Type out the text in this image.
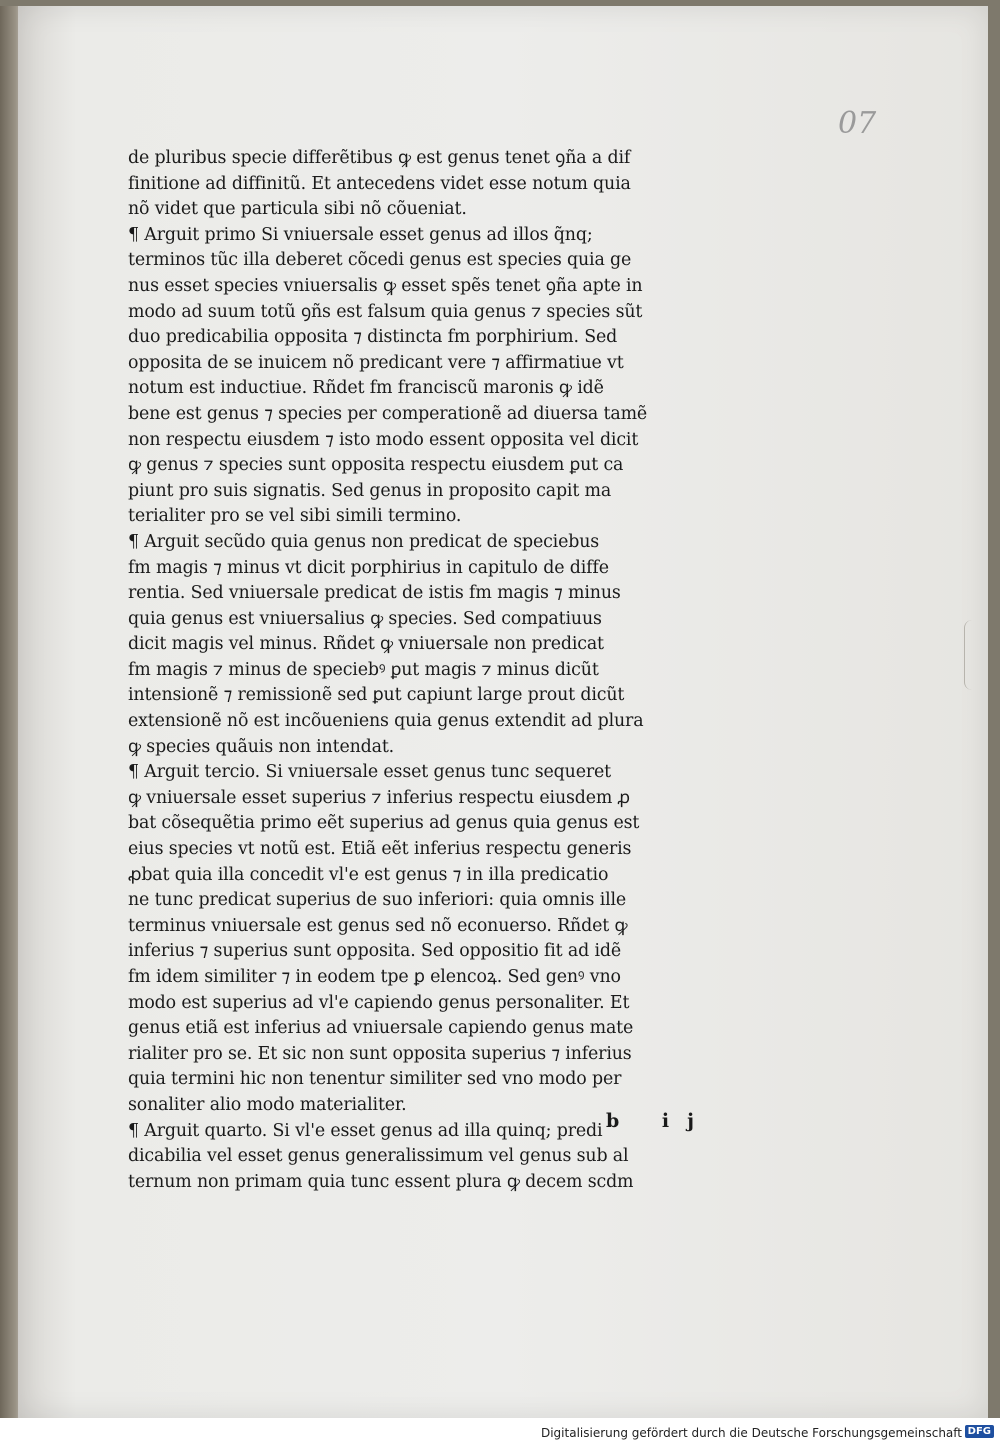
07
de pluribus specie differẽtibus ꝙ est genus tenet ꝯña a dif
finitione ad diffinitũ. Et antecedens videt esse notum quia
nõ videt que particula sibi nõ cõueniat.
¶ Arguit primo Si vniuersale esset genus ad illos q̃nq;
terminos tũc illa deberet cõcedi genus est species quia ge
nus esset species vniuersalis ꝙ esset spẽs tenet ꝯña apte in
modo ad suum totũ ꝯñs est falsum quia genus ⁊ species sũt
duo predicabilia opposita ⁊ distincta fm porphirium. Sed
opposita de se inuicem nõ predicant vere ⁊ affirmatiue vt
notum est inductiue. Rñdet fm franciscũ maronis ꝙ idẽ
bene est genus ⁊ species per comperationẽ ad diuersa tamẽ
non respectu eiusdem ⁊ isto modo essent opposita vel dicit
ꝙ genus ⁊ species sunt opposita respectu eiusdem ꝑut ca
piunt pro suis signatis. Sed genus in proposito capit ma
terialiter pro se vel sibi simili termino.
¶ Arguit secũdo quia genus non predicat de speciebus
fm magis ⁊ minus vt dicit porphirius in capitulo de diffe
rentia. Sed vniuersale predicat de istis fm magis ⁊ minus
quia genus est vniuersalius ꝙ species. Sed compatiuus
dicit magis vel minus. Rñdet ꝙ vniuersale non predicat
fm magis ⁊ minus de speciebꝰ ꝑut magis ⁊ minus dicũt
intensionẽ ⁊ remissionẽ sed ꝑut capiunt large prout dicũt
extensionẽ nõ est incõueniens quia genus extendit ad plura
ꝙ species quãuis non intendat.
¶ Arguit tercio. Si vniuersale esset genus tunc sequeret
ꝙ vniuersale esset superius ⁊ inferius respectu eiusdem ꝓ
bat cõsequẽtia primo eẽt superius ad genus quia genus est
eius species vt notũ est. Etiã eẽt inferius respectu generis
ꝓbat quia illa concedit vl'e est genus ⁊ in illa predicatio
ne tunc predicat superius de suo inferiori: quia omnis ille
terminus vniuersale est genus sed nõ econuerso. Rñdet ꝙ
inferius ⁊ superius sunt opposita. Sed oppositio fit ad idẽ
fm idem similiter ⁊ in eodem tpe ꝑ elencoꝝ. Sed genꝰ vno
modo est superius ad vl'e capiendo genus personaliter. Et
genus etiã est inferius ad vniuersale capiendo genus mate
rialiter pro se. Et sic non sunt opposita superius ⁊ inferius
quia termini hic non tenentur similiter sed vno modo per
sonaliter alio modo materialiter.
¶ Arguit quarto. Si vl'e esset genus ad illa quinq; predi
dicabilia vel esset genus generalissimum vel genus sub al
ternum non primam quia tunc essent plura ꝙ decem scdm
b ij
Digitalisierung gefördert durch die Deutsche Forschungsgemeinschaft DFG
